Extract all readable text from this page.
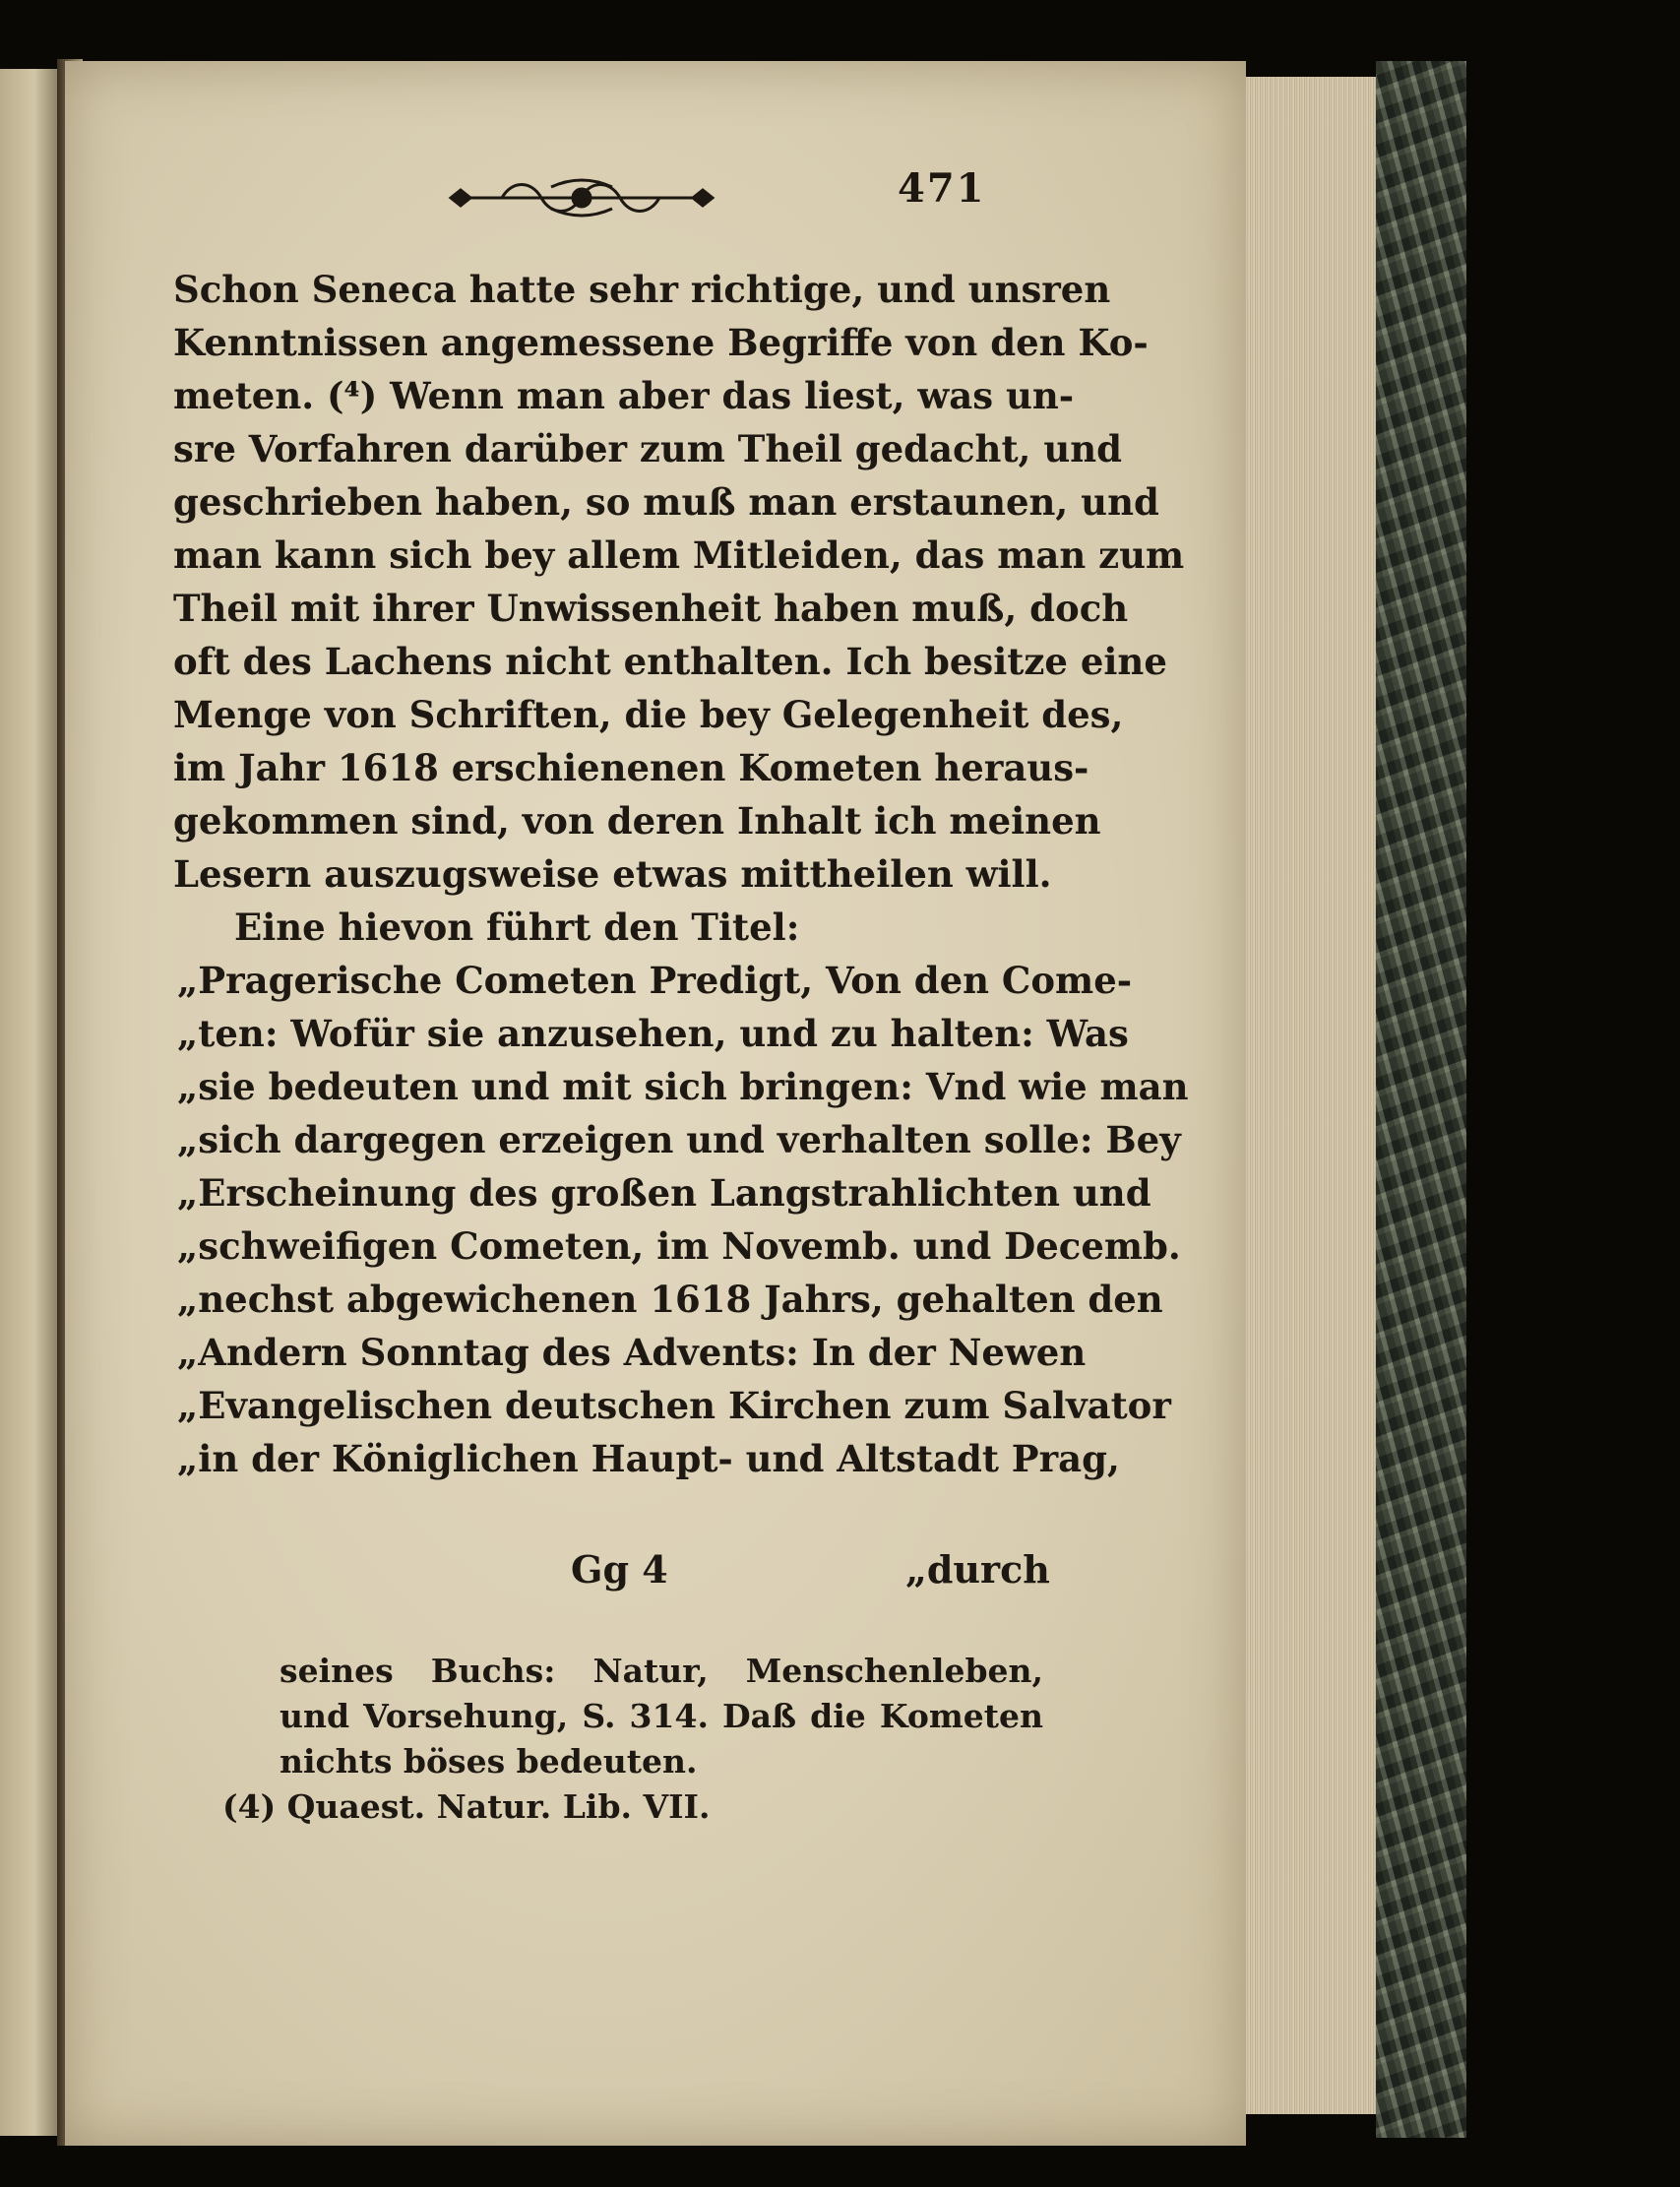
471
Schon Seneca hatte sehr richtige, und unsren
Kenntnissen angemessene Begriffe von den Ko-
meten. (⁴) Wenn man aber das liest, was un-
sre Vorfahren darüber zum Theil gedacht, und
geschrieben haben, so muß man erstaunen, und
man kann sich bey allem Mitleiden, das man zum
Theil mit ihrer Unwissenheit haben muß, doch
oft des Lachens nicht enthalten. Ich besitze eine
Menge von Schriften, die bey Gelegenheit des,
im Jahr 1618 erschienenen Kometen heraus-
gekommen sind, von deren Inhalt ich meinen
Lesern auszugsweise etwas mittheilen will.
Eine hievon führt den Titel:
„Pragerische Cometen Predigt, Von den Come-
„ten: Wofür sie anzusehen, und zu halten: Was
„sie bedeuten und mit sich bringen: Vnd wie man
„sich dargegen erzeigen und verhalten solle: Bey
„Erscheinung des großen Langstrahlichten und
„schweifigen Cometen, im Novemb. und Decemb.
„nechst abgewichenen 1618 Jahrs, gehalten den
„Andern Sonntag des Advents: In der Newen
„Evangelischen deutschen Kirchen zum Salvator
„in der Königlichen Haupt- und Altstadt Prag,
Gg 4	„durch
seines Buchs: Natur, Menschenleben,
und Vorsehung, S. 314. Daß die Kometen
nichts böses bedeuten.
(4) Quaest. Natur. Lib. VII.
